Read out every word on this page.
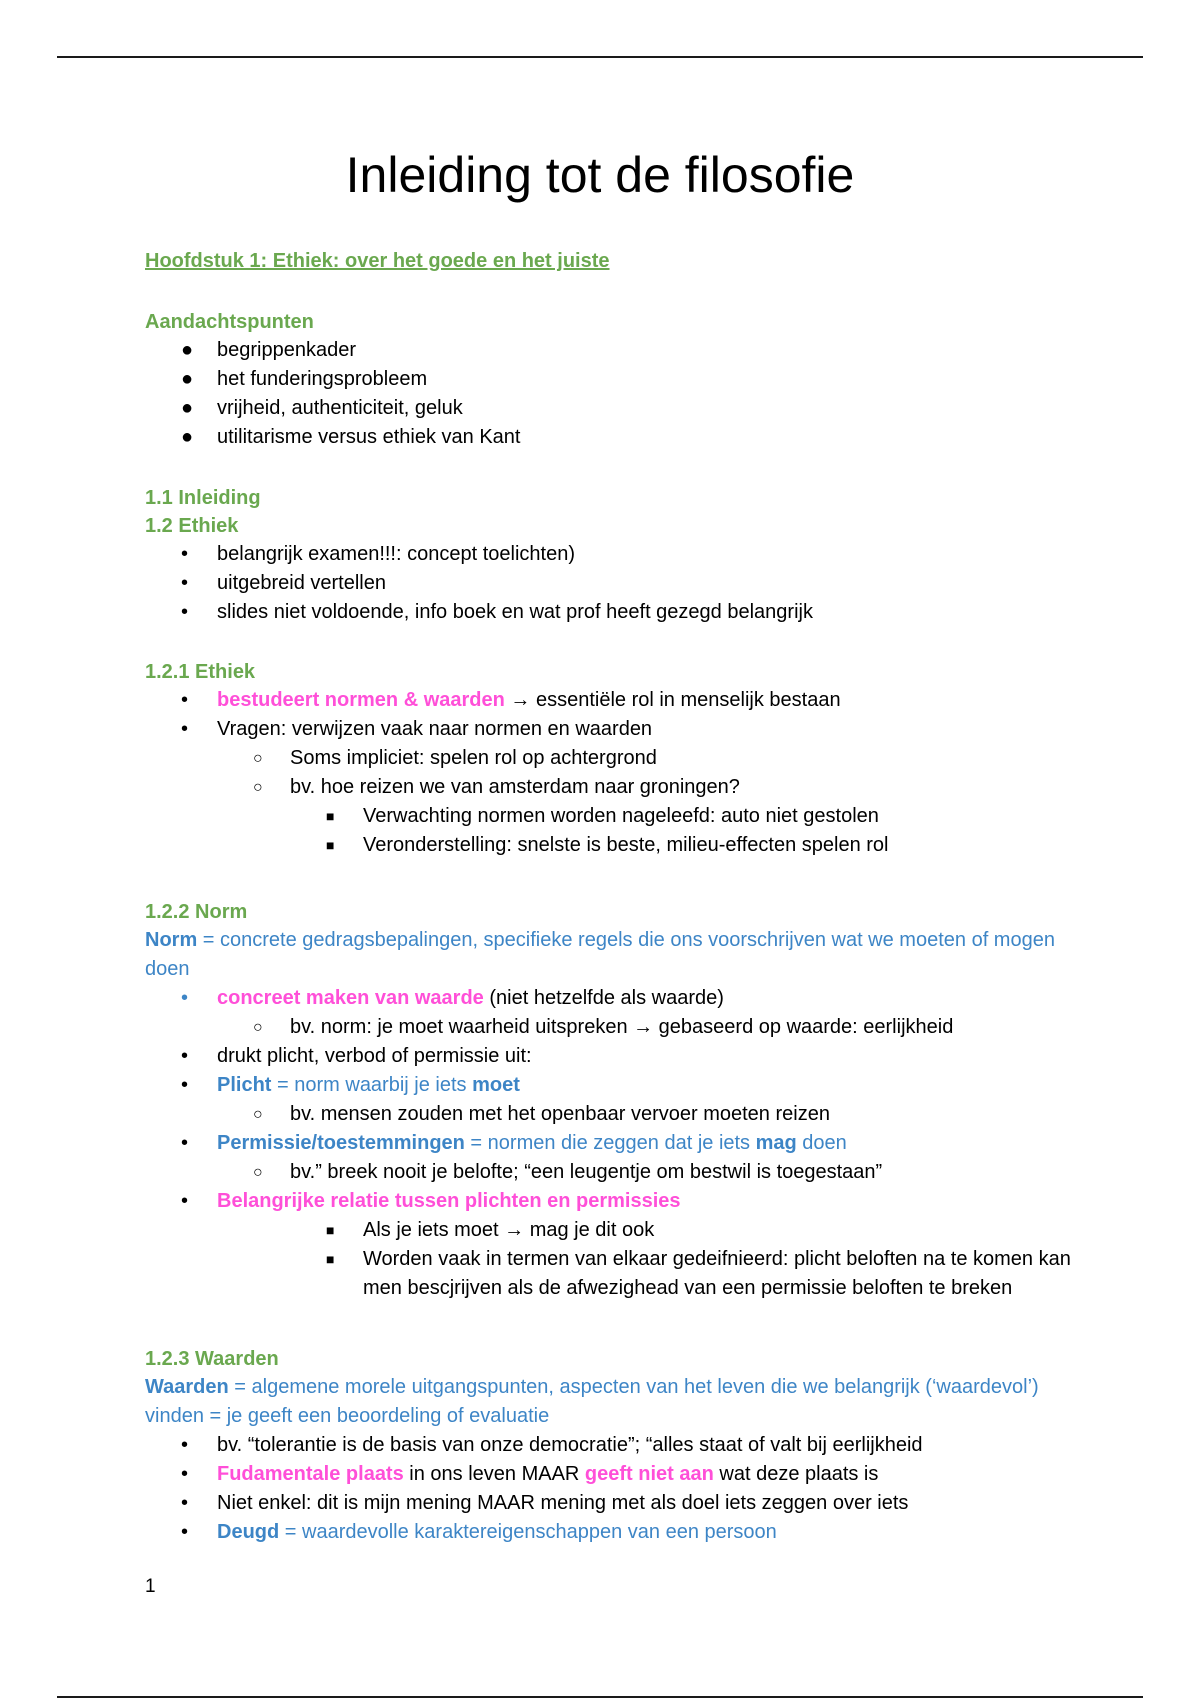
Inleiding tot de filosofie
Hoofdstuk 1: Ethiek: over het goede en het juiste
Aandachtspunten
● begrippenkader
● het funderingsprobleem
● vrijheid, authenticiteit, geluk
● utilitarisme versus ethiek van Kant
1.1 Inleiding
1.2 Ethiek
• belangrijk examen!!!: concept toelichten)
• uitgebreid vertellen
• slides niet voldoende, info boek en wat prof heeft gezegd belangrijk
1.2.1 Ethiek
• bestudeert normen & waarden → essentiële rol in menselijk bestaan
• Vragen: verwijzen vaak naar normen en waarden
○ Soms impliciet: spelen rol op achtergrond
○ bv. hoe reizen we van amsterdam naar groningen?
■ Verwachting normen worden nageleefd: auto niet gestolen
■ Veronderstelling: snelste is beste, milieu-effecten spelen rol
1.2.2 Norm
Norm = concrete gedragsbepalingen, specifieke regels die ons voorschrijven wat we moeten of mogen doen
• concreet maken van waarde (niet hetzelfde als waarde)
○ bv. norm: je moet waarheid uitspreken → gebaseerd op waarde: eerlijkheid
• drukt plicht, verbod of permissie uit:
• Plicht = norm waarbij je iets moet
○ bv. mensen zouden met het openbaar vervoer moeten reizen
• Permissie/toestemmingen = normen die zeggen dat je iets mag doen
○ bv.” breek nooit je belofte; “een leugentje om bestwil is toegestaan”
• Belangrijke relatie tussen plichten en permissies
■ Als je iets moet → mag je dit ook
■ Worden vaak in termen van elkaar gedeifnieerd: plicht beloften na te komen kan men bescjrijven als de afwezighead van een permissie beloften te breken
1.2.3 Waarden
Waarden = algemene morele uitgangspunten, aspecten van het leven die we belangrijk (‘waardevol’) vinden = je geeft een beoordeling of evaluatie
• bv. “tolerantie is de basis van onze democratie”; “alles staat of valt bij eerlijkheid
• Fudamentale plaats in ons leven MAAR geeft niet aan wat deze plaats is
• Niet enkel: dit is mijn mening MAAR mening met als doel iets zeggen over iets
• Deugd = waardevolle karaktereigenschappen van een persoon
1
